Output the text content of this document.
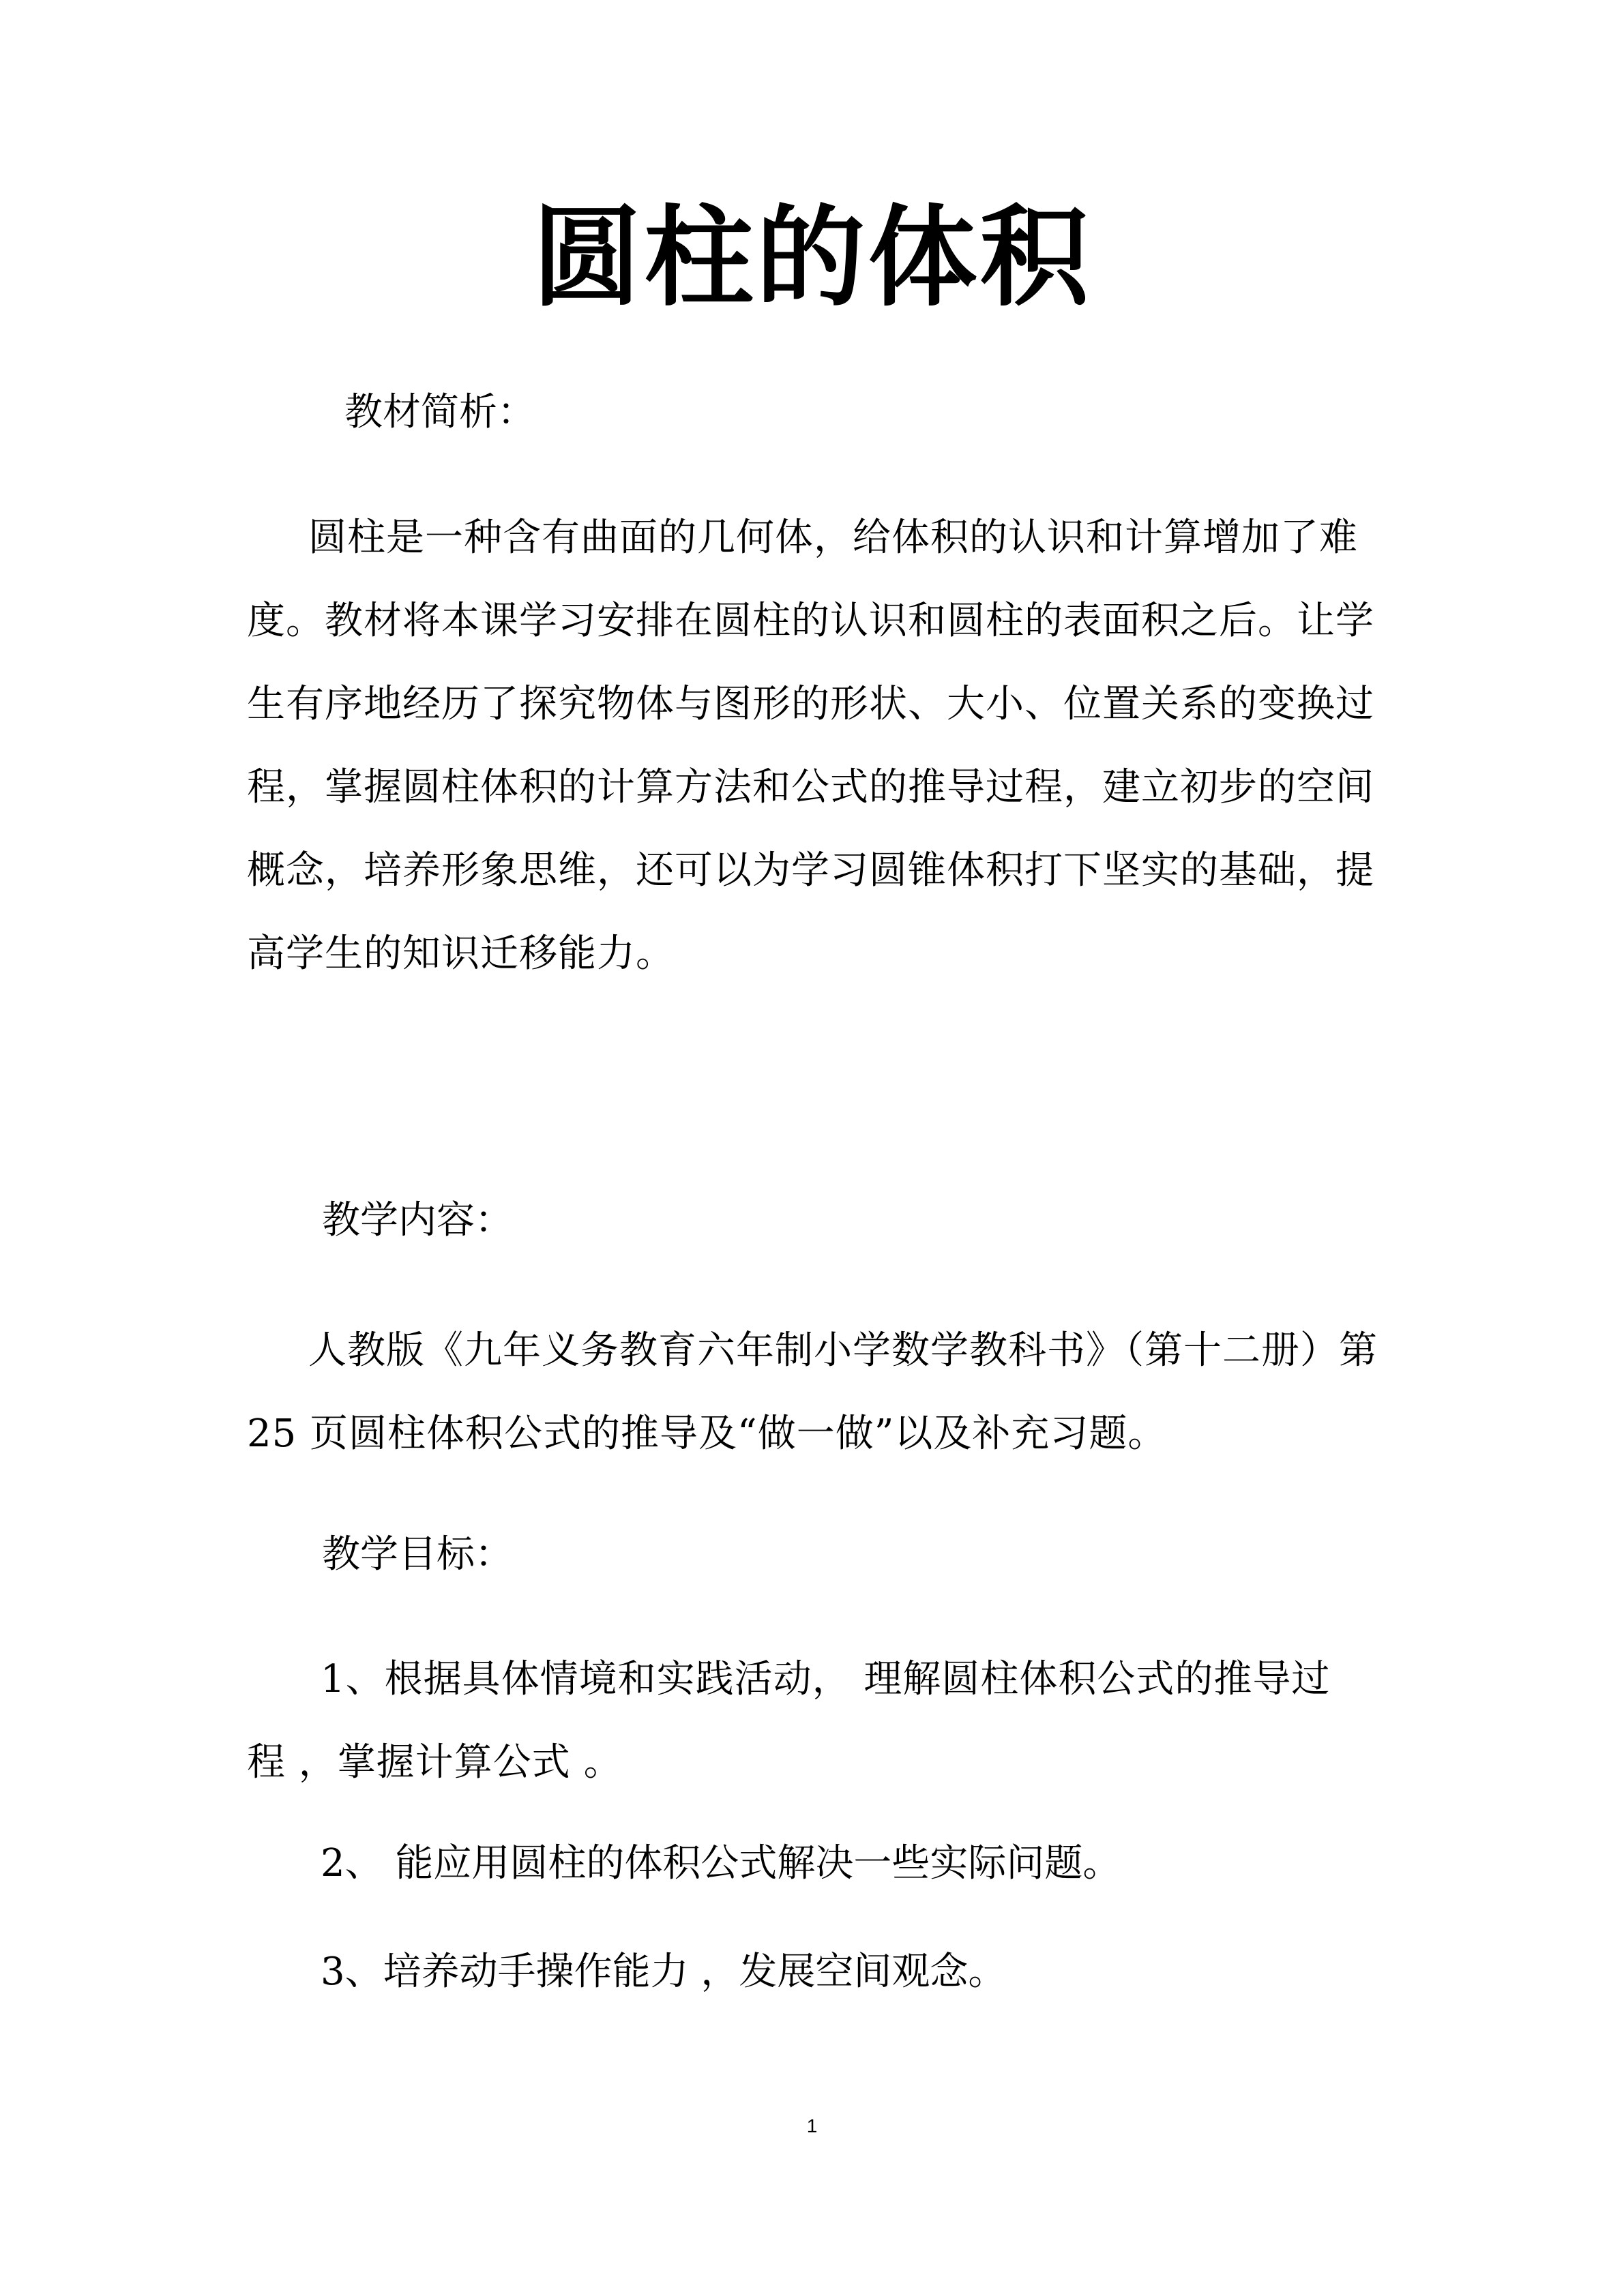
圆柱的体积
教材简析：
圆柱是一种含有曲面的几何体，给体积的认识和计算增加了难度。教材将本课学习安排在圆柱的认识和圆柱的表面积之后。让学生有序地经历了探究物体与图形的形状、大小、位置关系的变换过程，掌握圆柱体积的计算方法和公式的推导过程，建立初步的空间概念，培养形象思维，还可以为学习圆锥体积打下坚实的基础，提高学生的知识迁移能力。
教学内容：
人教版《九年义务教育六年制小学数学教科书》（第十二册）第25 页圆柱体积公式的推导及“做一做”以及补充习题。
教学目标：
1、根据具体情境和实践活动， 理解圆柱体积公式的推导过程 ，掌握计算公式 。
2、 能应用圆柱的体积公式解决一些实际问题。
3、培养动手操作能力 ，发展空间观念。
1
